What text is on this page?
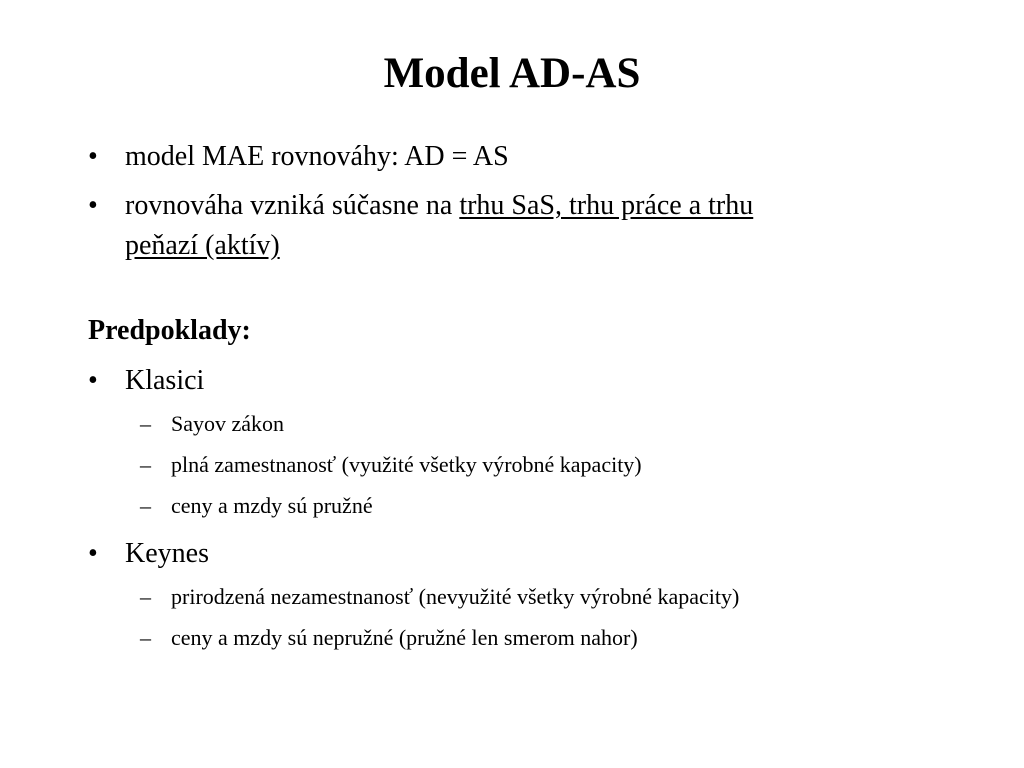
Model AD-AS
• model MAE rovnováhy: AD = AS
• rovnováha vzniká súčasne na trhu SaS, trhu práce a trhu
peňazí (aktív)
Predpoklady:
• Klasici
– Sayov zákon
– plná zamestnanosť (využité všetky výrobné kapacity)
– ceny a mzdy sú pružné
• Keynes
– prirodzená nezamestnanosť (nevyužité všetky výrobné kapacity)
– ceny a mzdy sú nepružné (pružné len smerom nahor)
